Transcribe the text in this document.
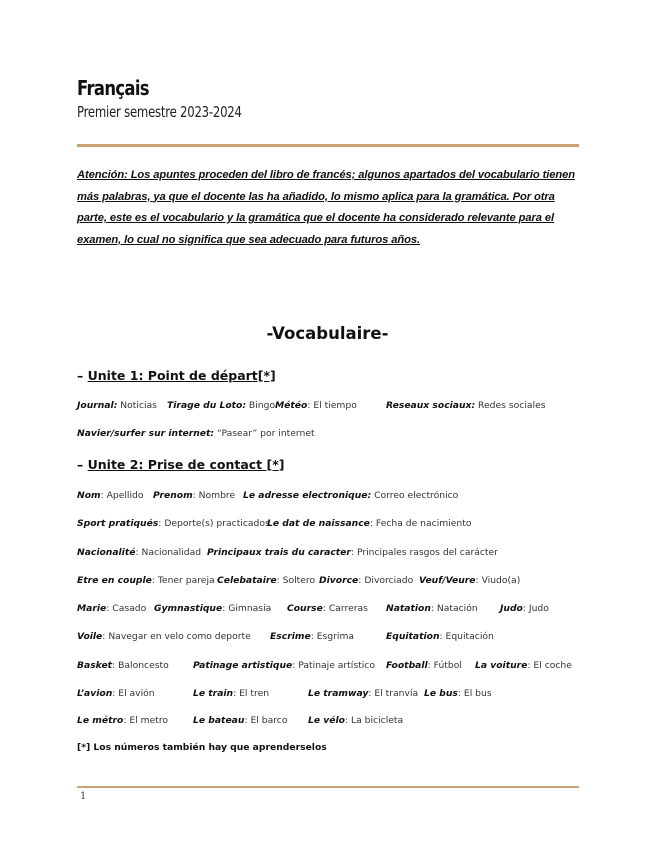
Français
Premier semestre 2023-2024
Atención: Los apuntes proceden del libro de francés; algunos apartados del vocabulario tienen más palabras, ya que el docente las ha añadido, lo mismo aplica para la gramática. Por otra parte, este es el vocabulario y la gramática que el docente ha considerado relevante para el examen, lo cual no significa que sea adecuado para futuros años.
-Vocabulaire-
– Unite 1: Point de départ[*]
Journal: Noticias Tirage du Loto: Bingo Météo: El tiempo	Reseaux sociaux: Redes sociales
Navier/surfer sur internet: “Pasear” por internet
– Unite 2: Prise de contact [*]
Nom: Apellido Prenom: Nombre Le adresse electronique: Correo electrónico
Sport pratiqués: Deporte(s) practicados
Le dat de naissance: Fecha de nacimiento
Nacionalité: Nacionalidad Principaux trais du caracter: Principales rasgos del carácter
Etre en couple: Tener pareja Celebataire: Soltero Divorce: Divorciado Veuf/Veure: Viudo(a)
Marie: Casado Gymnastique: Gimnasia Course: Carreras Natation: Natación Judo: Judo
Voile: Navegar en velo como deporte Escrime: Esgrima	Equitation: Equitación
Basket: Baloncesto	Patinage artistique: Patinaje artístico Football: Fútbol La voiture: El coche
L’avion: El avión	Le train: El tren	Le tramway: El tranvía Le bus: El bus
Le métro: El metro	Le bateau: El barco Le vélo: La bicicleta
[*] Los números también hay que aprenderselos
1
